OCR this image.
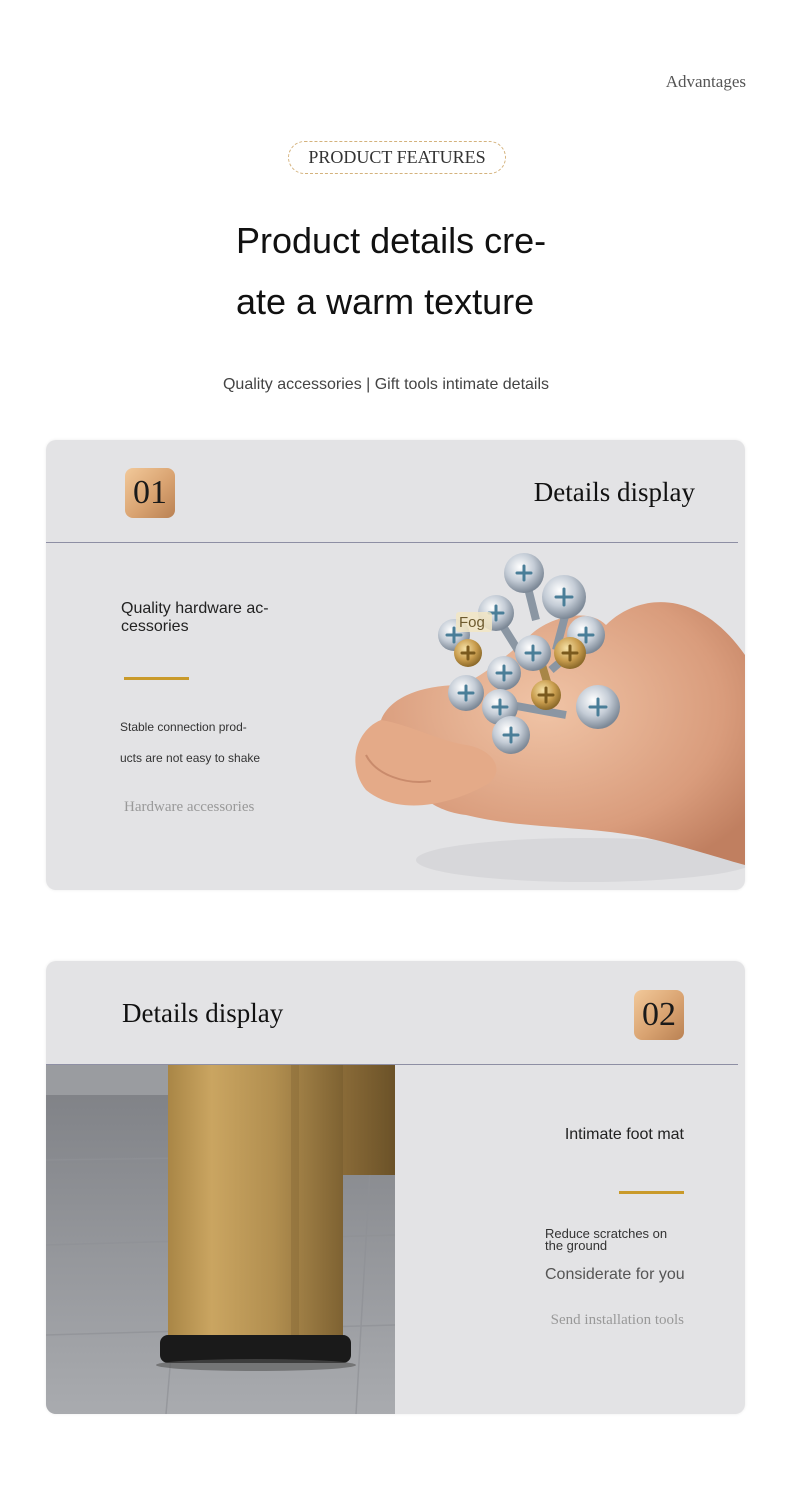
Advantages
PRODUCT FEATURES
Product details cre-
ate a warm texture
Quality accessories | Gift tools intimate details
01	Details display
Quality hardware ac-
cessories
Stable connection prod-
ucts are not easy to shake
Hardware accessories
Fog
Details display	02
Intimate foot mat
Reduce scratches on
the ground
Considerate for you
Send installation tools
